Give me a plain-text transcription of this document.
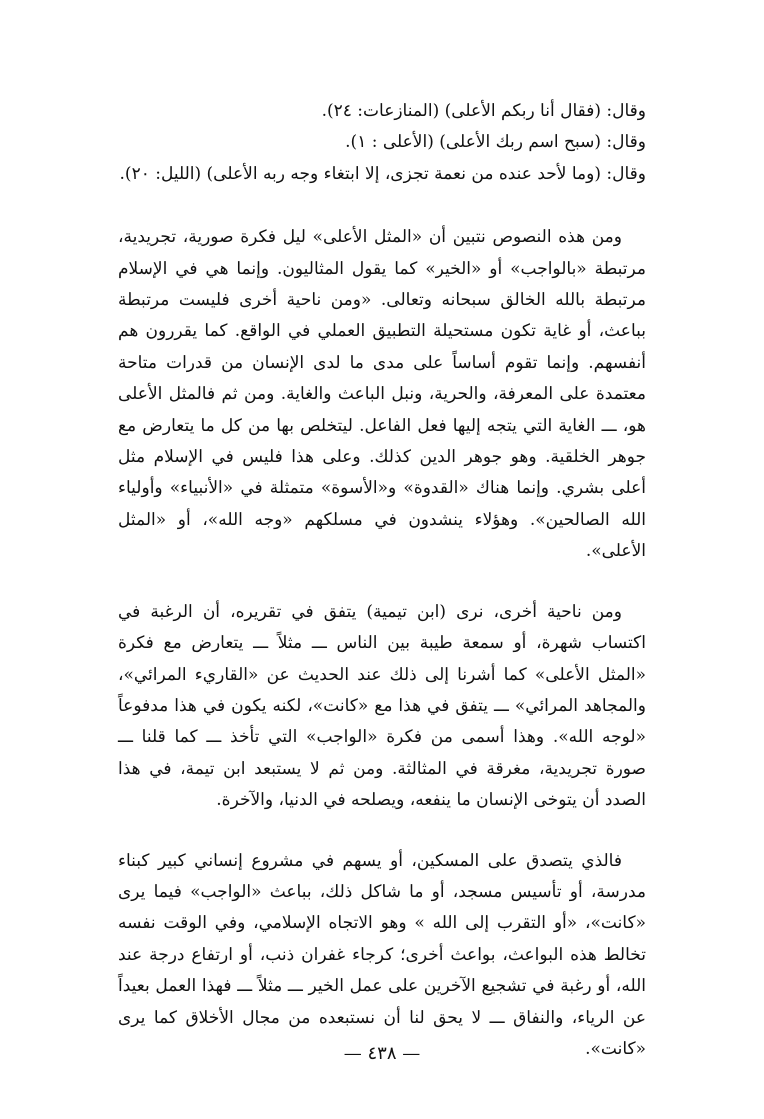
وقال: (فقال أنا ربكم الأعلى) (المنازعات: ٢٤).

وقال: (سبح اسم ربك الأعلى) (الأعلى : ١).

وقال: (وما لأحد عنده من نعمة تجزى، إلا ابتغاء وجه ربه الأعلى) (الليل: ٢٠).

ومن هذه النصوص نتبين أن «المثل الأعلى» ليل فكرة صورية، تجريدية، مرتبطة «بالواجب» أو «الخير» كما يقول المثاليون. وإنما هي في الإسلام مرتبطة بالله الخالق سبحانه وتعالى. «ومن ناحية أخرى فليست مرتبطة بباعث، أو غاية تكون مستحيلة التطبيق العملي في الواقع. كما يقررون هم أنفسهم. وإنما تقوم أساساً على مدى ما لدى الإنسان من قدرات متاحة معتمدة على المعرفة، والحرية، ونبل الباعث والغاية. ومن ثم فالمثل الأعلى هو، ـــ الغاية التي يتجه إليها فعل الفاعل. ليتخلص بها من كل ما يتعارض مع جوهر الخلقية. وهو جوهر الدين كذلك. وعلى هذا فليس في الإسلام مثل أعلى بشري. وإنما هناك «القدوة» و«الأسوة» متمثلة في «الأنبياء» وأولياء الله الصالحين». وهؤلاء ينشدون في مسلكهم «وجه الله»، أو «المثل الأعلى».

ومن ناحية أخرى، نرى (ابن تيمية) يتفق في تقريره، أن الرغبة في اكتساب شهرة، أو سمعة طيبة بين الناس ـــ مثلاً ـــ يتعارض مع فكرة «المثل الأعلى» كما أشرنا إلى ذلك عند الحديث عن «القاريء المرائي»، والمجاهد المرائي» ـــ يتفق في هذا مع «كانت»، لكنه يكون في هذا مدفوعاً «لوجه الله». وهذا أسمى من فكرة «الواجب» التي تأخذ ـــ كما قلنا ـــ صورة تجريدية، مغرقة في المثالثة. ومن ثم لا يستبعد ابن تيمة، في هذا الصدد أن يتوخى الإنسان ما ينفعه، ويصلحه في الدنيا، والآخرة.

فالذي يتصدق على المسكين، أو يسهم في مشروع إنساني كبير كبناء مدرسة، أو تأسيس مسجد، أو ما شاكل ذلك، بباعث «الواجب» فيما يرى «كانت»، «أو التقرب إلى الله » وهو الاتجاه الإسلامي، وفي الوقت نفسه تخالط هذه البواعث، بواعث أخرى؛ كرجاء غفران ذنب، أو ارتفاع درجة عند الله، أو رغبة في تشجيع الآخرين على عمل الخير ـــ مثلاً ـــ فهذا العمل بعيداً عن الرياء، والنفاق ـــ لا يحق لنا أن نستبعده من مجال الأخلاق كما يرى «كانت».

— ٤٣٨ —
